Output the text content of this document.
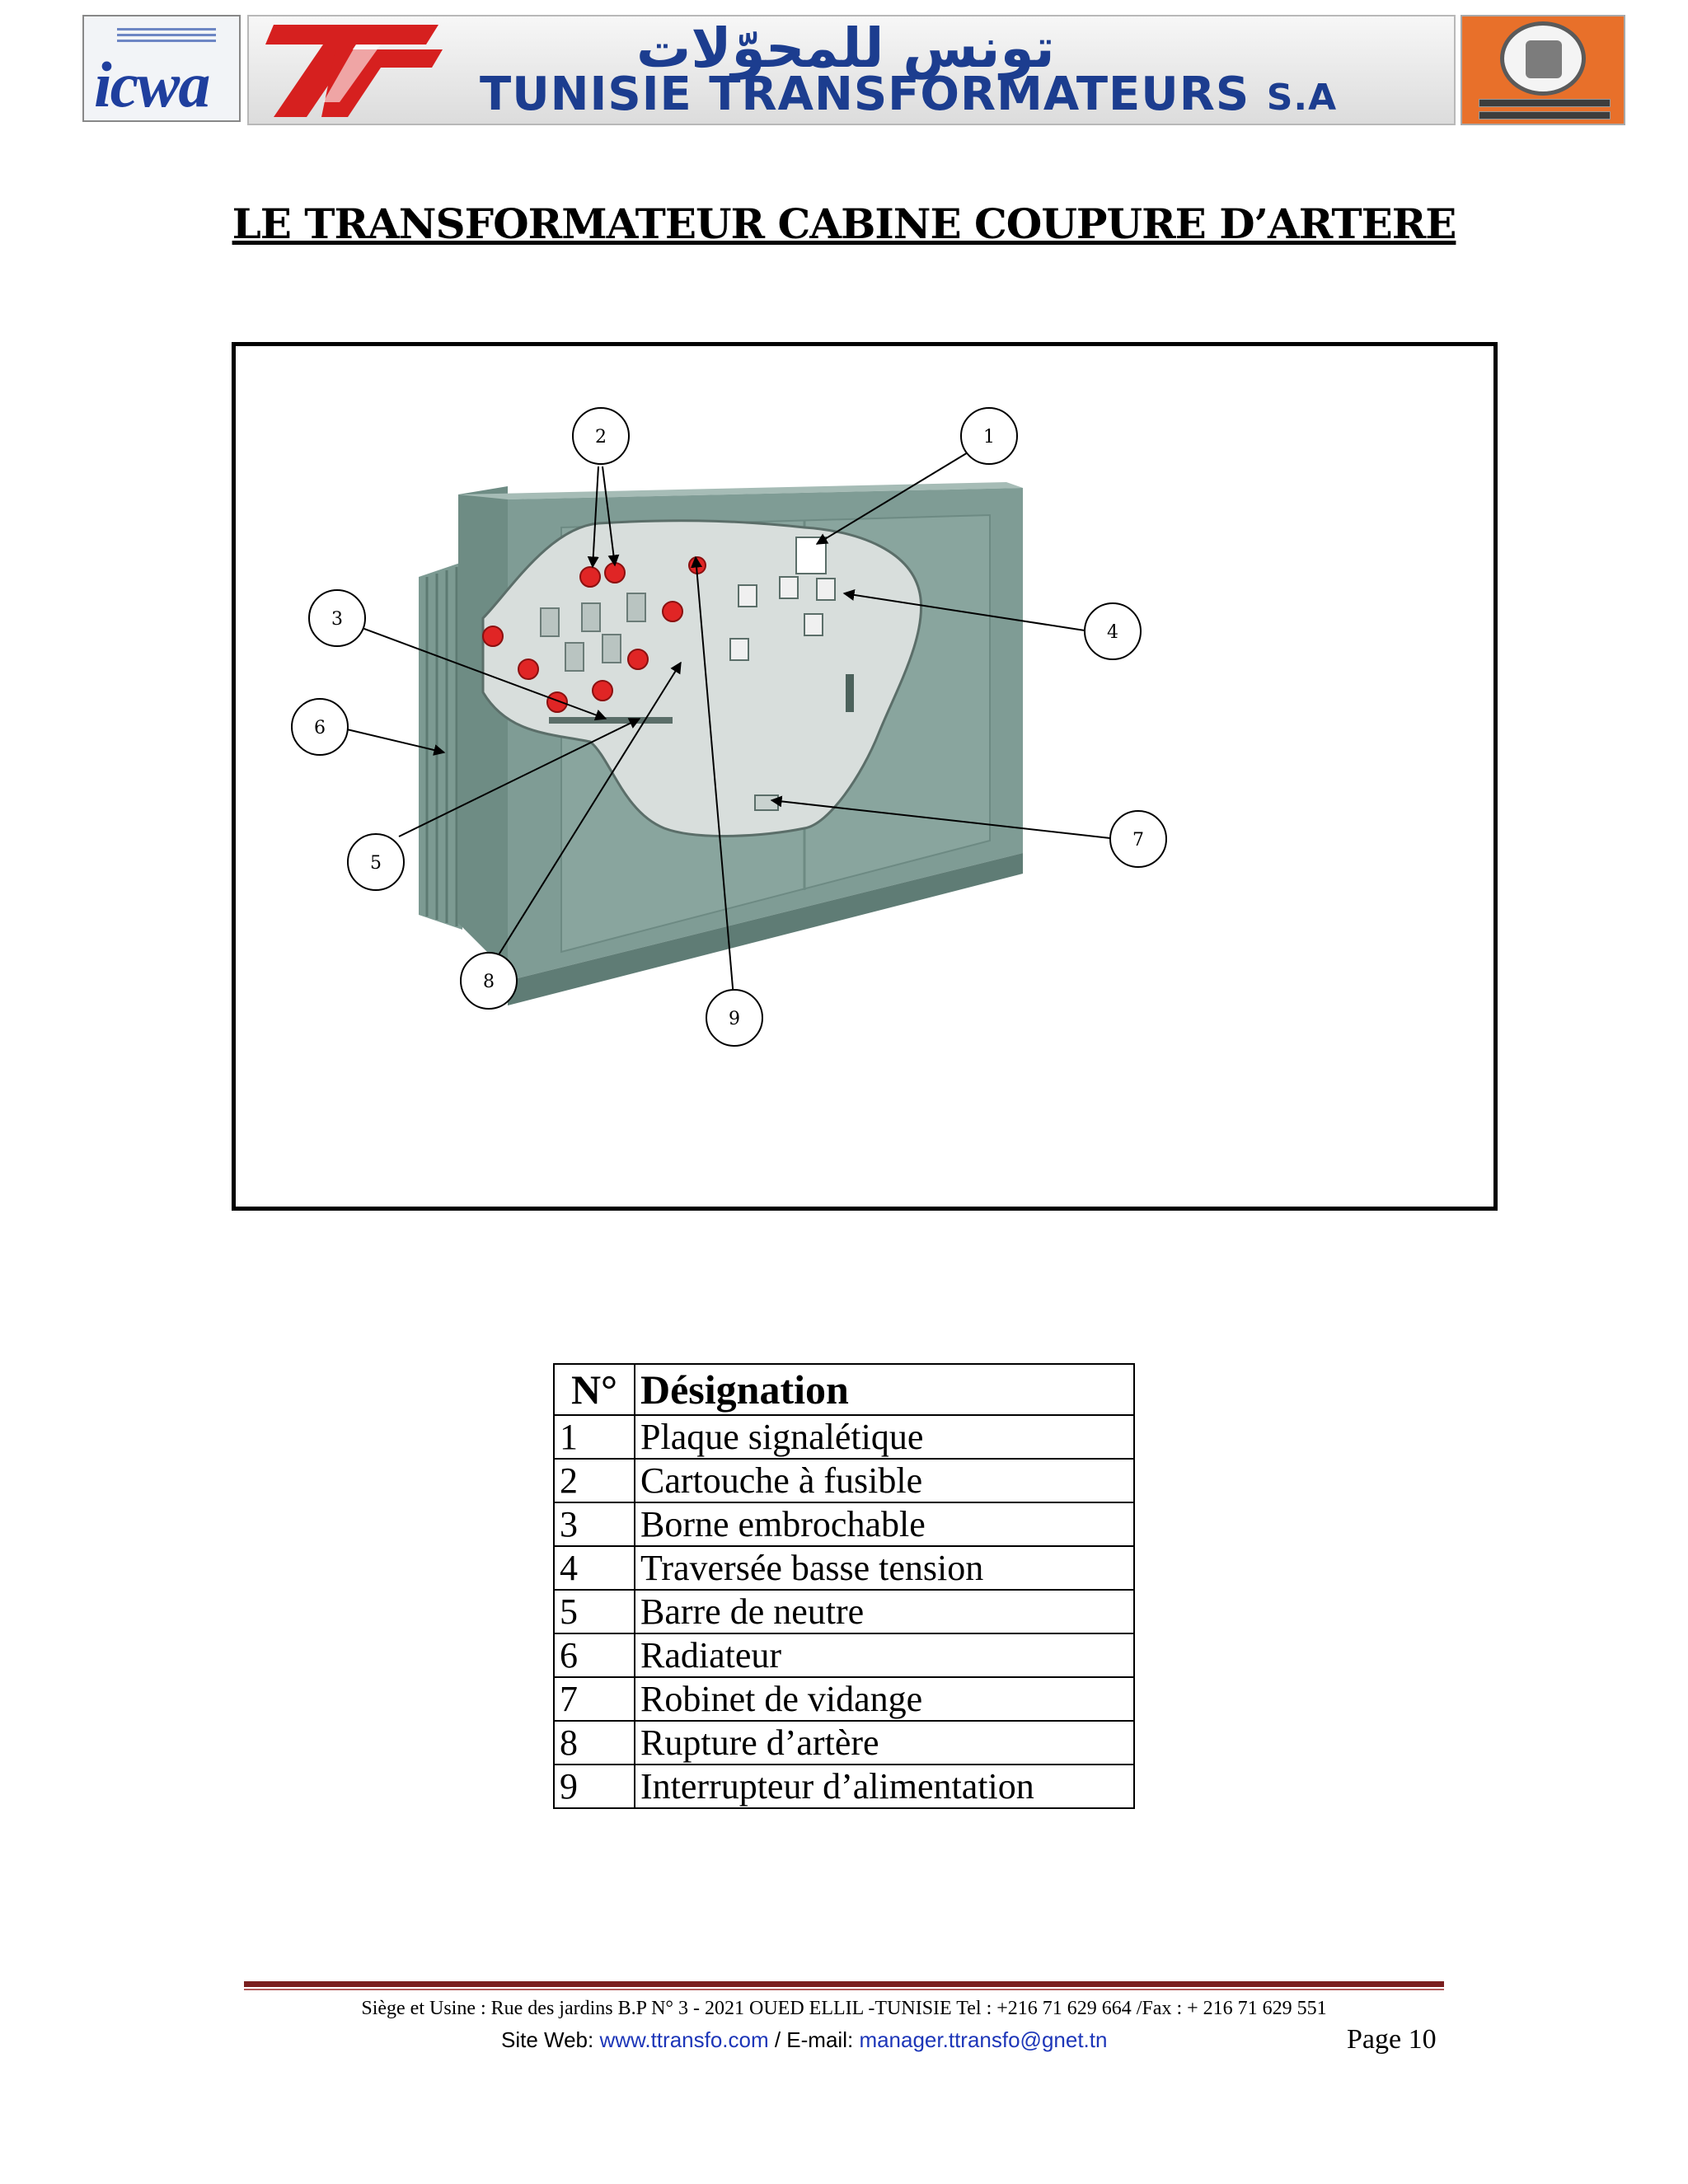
icwa
تونس للمحوّلات
TUNISIE TRANSFORMATEURS S.A
LE TRANSFORMATEUR CABINE COUPURE D’ARTERE
1
2
3
4
6
5
7
8
9
N°	Désignation
1	Plaque signalétique
2	Cartouche à fusible
3	Borne embrochable
4	Traversée basse tension
5	Barre de neutre
6	Radiateur
7	Robinet de vidange
8	Rupture d’artère
9	Interrupteur d’alimentation
Siège et Usine : Rue des jardins B.P N° 3 - 2021 OUED ELLIL -TUNISIE Tel : +216 71 629 664 /Fax : + 216 71 629 551
Site Web: www.ttransfo.com / E-mail: manager.ttransfo@gnet.tn	Page 10
